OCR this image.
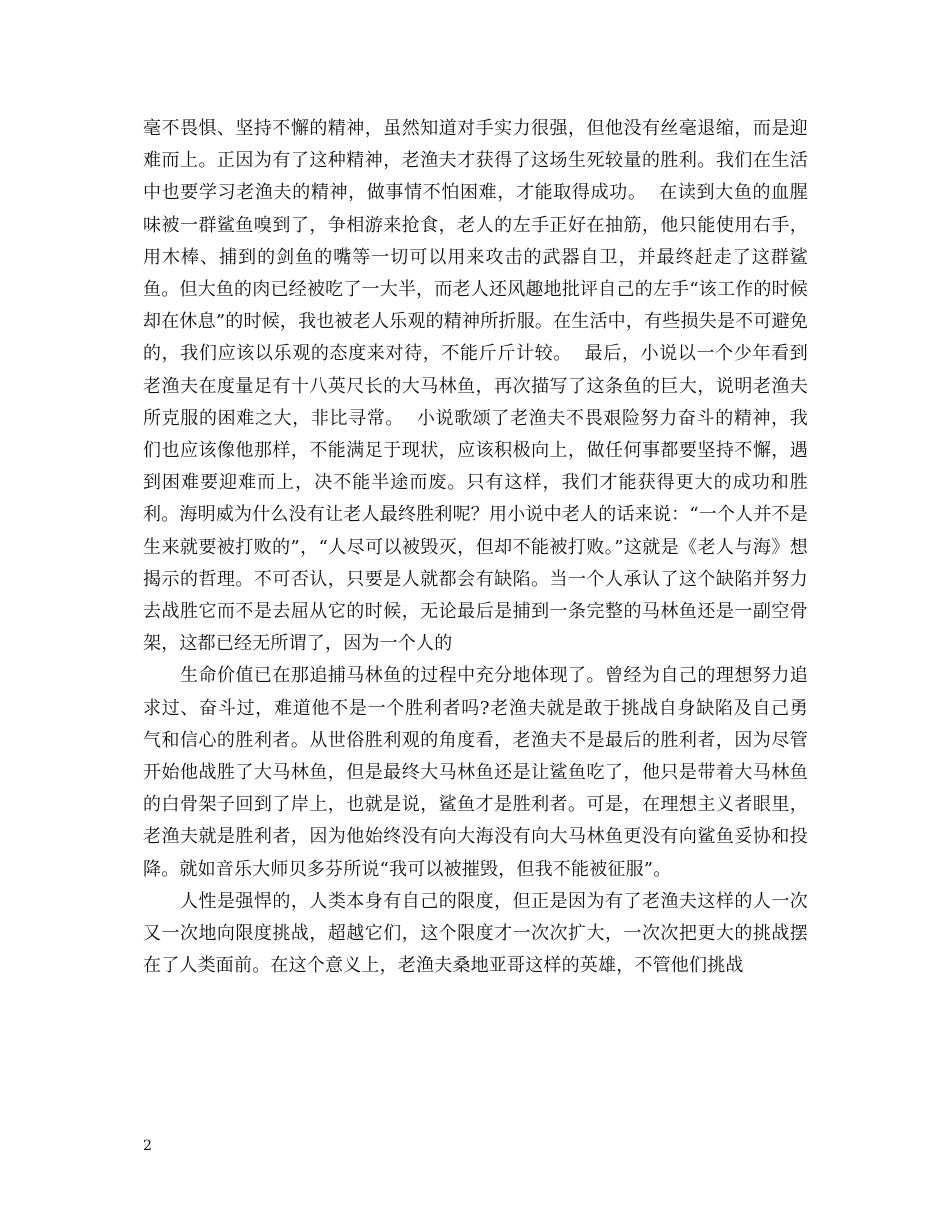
毫不畏惧、坚持不懈的精神，虽然知道对手实力很强，但他没有丝毫退缩，而是迎难而上。正因为有了这种精神，老渔夫才获得了这场生死较量的胜利。我们在生活中也要学习老渔夫的精神，做事情不怕困难，才能取得成功。  在读到大鱼的血腥味被一群鲨鱼嗅到了，争相游来抢食，老人的左手正好在抽筋，他只能使用右手，用木棒、捕到的剑鱼的嘴等一切可以用来攻击的武器自卫，并最终赶走了这群鲨鱼。但大鱼的肉已经被吃了一大半，而老人还风趣地批评自己的左手“该工作的时候却在休息”的时候，我也被老人乐观的精神所折服。在生活中，有些损失是不可避免的，我们应该以乐观的态度来对待，不能斤斤计较。  最后，小说以一个少年看到老渔夫在度量足有十八英尺长的大马林鱼，再次描写了这条鱼的巨大，说明老渔夫所克服的困难之大，非比寻常。  小说歌颂了老渔夫不畏艰险努力奋斗的精神，我们也应该像他那样，不能满足于现状，应该积极向上，做任何事都要坚持不懈，遇到困难要迎难而上，决不能半途而废。只有这样，我们才能获得更大的成功和胜利。海明威为什么没有让老人最终胜利呢？用小说中老人的话来说：“一个人并不是生来就要被打败的”，“人尽可以被毁灭，但却不能被打败。”这就是《老人与海》想揭示的哲理。不可否认，只要是人就都会有缺陷。当一个人承认了这个缺陷并努力去战胜它而不是去屈从它的时候，无论最后是捕到一条完整的马林鱼还是一副空骨架，这都已经无所谓了，因为一个人的

生命价值已在那追捕马林鱼的过程中充分地体现了。曾经为自己的理想努力追求过、奋斗过，难道他不是一个胜利者吗?老渔夫就是敢于挑战自身缺陷及自己勇气和信心的胜利者。从世俗胜利观的角度看，老渔夫不是最后的胜利者，因为尽管开始他战胜了大马林鱼，但是最终大马林鱼还是让鲨鱼吃了，他只是带着大马林鱼的白骨架子回到了岸上，也就是说，鲨鱼才是胜利者。可是，在理想主义者眼里，老渔夫就是胜利者，因为他始终没有向大海没有向大马林鱼更没有向鲨鱼妥协和投降。就如音乐大师贝多芬所说“我可以被摧毁，但我不能被征服”。

人性是强悍的，人类本身有自己的限度，但正是因为有了老渔夫这样的人一次又一次地向限度挑战，超越它们，这个限度才一次次扩大，一次次把更大的挑战摆在了人类面前。在这个意义上，老渔夫桑地亚哥这样的英雄，不管他们挑战

2
